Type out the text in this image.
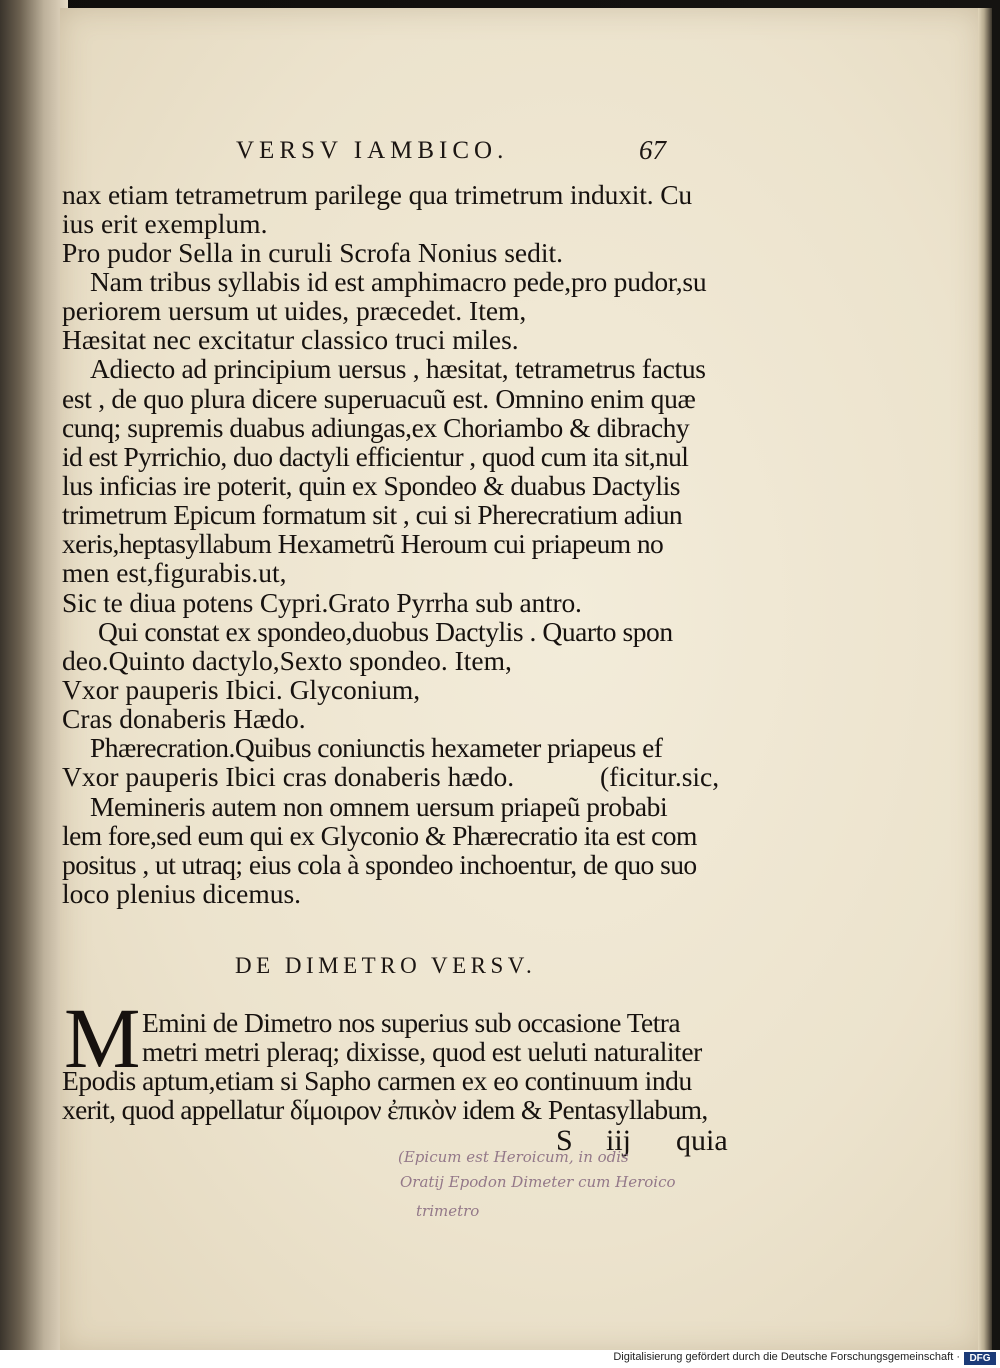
VERSV IAMBICO.	67
nax etiam tetrametrum parilege qua trimetrum induxit. Cu
ius erit exemplum.
Pro pudor Sella in curuli Scrofa Nonius sedit.
Nam tribus syllabis id est amphimacro pede,pro pudor,su
periorem uersum ut uides, præcedet. Item,
Hæsitat nec excitatur classico truci miles.
Adiecto ad principium uersus , hæsitat, tetrametrus factus
est , de quo plura dicere superuacuũ est. Omnino enim quæ
cunq; supremis duabus adiungas,ex Choriambo & dibrachy
id est Pyrrichio, duo dactyli efficientur , quod cum ita sit,nul
lus inficias ire poterit, quin ex Spondeo & duabus Dactylis
trimetrum Epicum formatum sit , cui si Pherecratium adiun
xeris,heptasyllabum Hexametrũ Heroum cui priapeum no
men est,figurabis.ut,
Sic te diua potens Cypri.Grato Pyrrha sub antro.
Qui constat ex spondeo,duobus Dactylis . Quarto spon
deo.Quinto dactylo,Sexto spondeo. Item,
Vxor pauperis Ibici. Glyconium,
Cras donaberis Hædo.
Phærecration.Quibus coniunctis hexameter priapeus ef
Vxor pauperis Ibici cras donaberis hædo.	(ficitur.sic,
Memineris autem non omnem uersum priapeũ probabi
lem fore,sed eum qui ex Glyconio & Phærecratio ita est com
positus , ut utraq; eius cola à spondeo inchoentur, de quo suo
loco plenius dicemus.
DE DIMETRO VERSV.
M Emini de Dimetro nos superius sub occasione Tetra
metri metri pleraq; dixisse, quod est ueluti naturaliter
Epodis aptum,etiam si Sapho carmen ex eo continuum indu
xerit, quod appellatur δίμοιρον ἐπικὸν idem & Pentasyllabum,
S iij quia
(Epicum est Heroicum, in odis
Oratij Epodon Dimeter cum Heroico
trimetro
Digitalisierung gefördert durch die Deutsche Forschungsgemeinschaft · DFG
